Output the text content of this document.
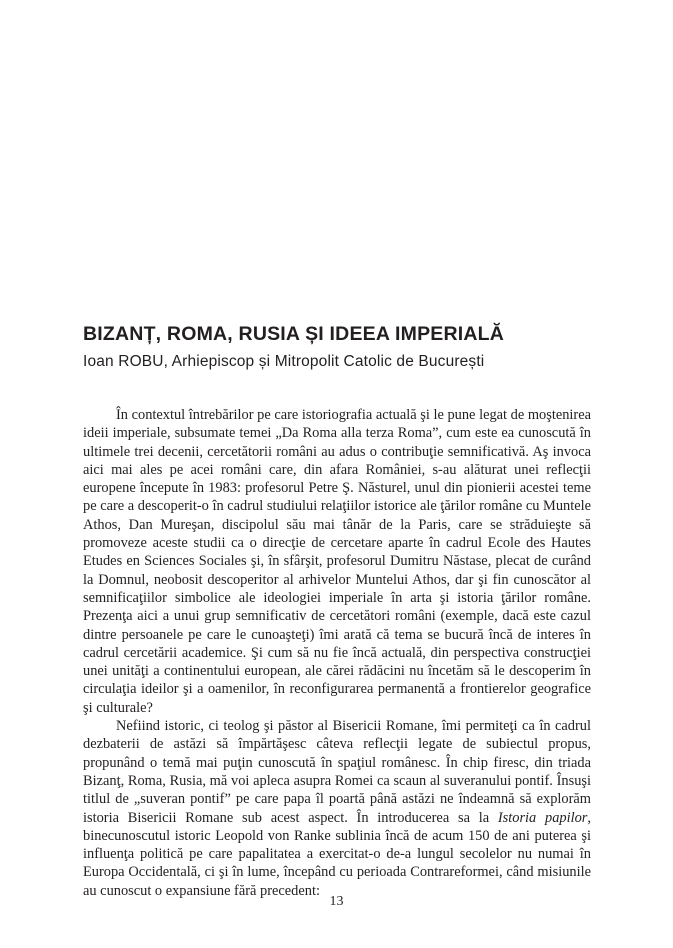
BIZANȚ, ROMA, RUSIA ȘI IDEEA IMPERIALĂ
Ioan ROBU, Arhiepiscop și Mitropolit Catolic de București

În contextul întrebărilor pe care istoriografia actuală şi le pune legat de moştenirea ideii imperiale, subsumate temei „Da Roma alla terza Roma”, cum este ea cunoscută în ultimele trei decenii, cercetătorii români au adus o contribuţie semnificativă. Aş invoca aici mai ales pe acei români care, din afara României, s-au alăturat unei reflecţii europene începute în 1983: profesorul Petre Ş. Năsturel, unul din pionierii acestei teme pe care a descoperit-o în cadrul studiului relaţiilor istorice ale ţărilor române cu Muntele Athos, Dan Mureşan, discipolul său mai tânăr de la Paris, care se străduieşte să promoveze aceste studii ca o direcţie de cercetare aparte în cadrul Ecole des Hautes Etudes en Sciences Sociales şi, în sfârşit, profesorul Dumitru Năstase, plecat de curând la Domnul, neobosit descoperitor al arhivelor Muntelui Athos, dar şi fin cunoscător al semnificaţiilor simbolice ale ideologiei imperiale în arta şi istoria ţărilor române. Prezenţa aici a unui grup semnificativ de cercetători români (exemple, dacă este cazul dintre persoanele pe care le cunoaşteţi) îmi arată că tema se bucură încă de interes în cadrul cercetării academice. Şi cum să nu fie încă actuală, din perspectiva construcţiei unei unităţi a continentului european, ale cărei rădăcini nu încetăm să le descoperim în circulaţia ideilor şi a oamenilor, în reconfigurarea permanentă a frontierelor geografice şi culturale?

Nefiind istoric, ci teolog şi păstor al Bisericii Romane, îmi permiteţi ca în cadrul dezbaterii de astăzi să împărtăşesc câteva reflecţii legate de subiectul propus, propunând o temă mai puţin cunoscută în spaţiul românesc. În chip firesc, din triada Bizanţ, Roma, Rusia, mă voi apleca asupra Romei ca scaun al suveranului pontif. Însuşi titlul de „suveran pontif” pe care papa îl poartă până astăzi ne îndeamnă să explorăm istoria Bisericii Romane sub acest aspect. În introducerea sa la Istoria papilor, binecunoscutul istoric Leopold von Ranke sublinia încă de acum 150 de ani puterea şi influenţa politică pe care papalitatea a exercitat-o de-a lungul secolelor nu numai în Europa Occidentală, ci şi în lume, începând cu perioada Contrareformei, când misiunile au cunoscut o expansiune fără precedent:

13
